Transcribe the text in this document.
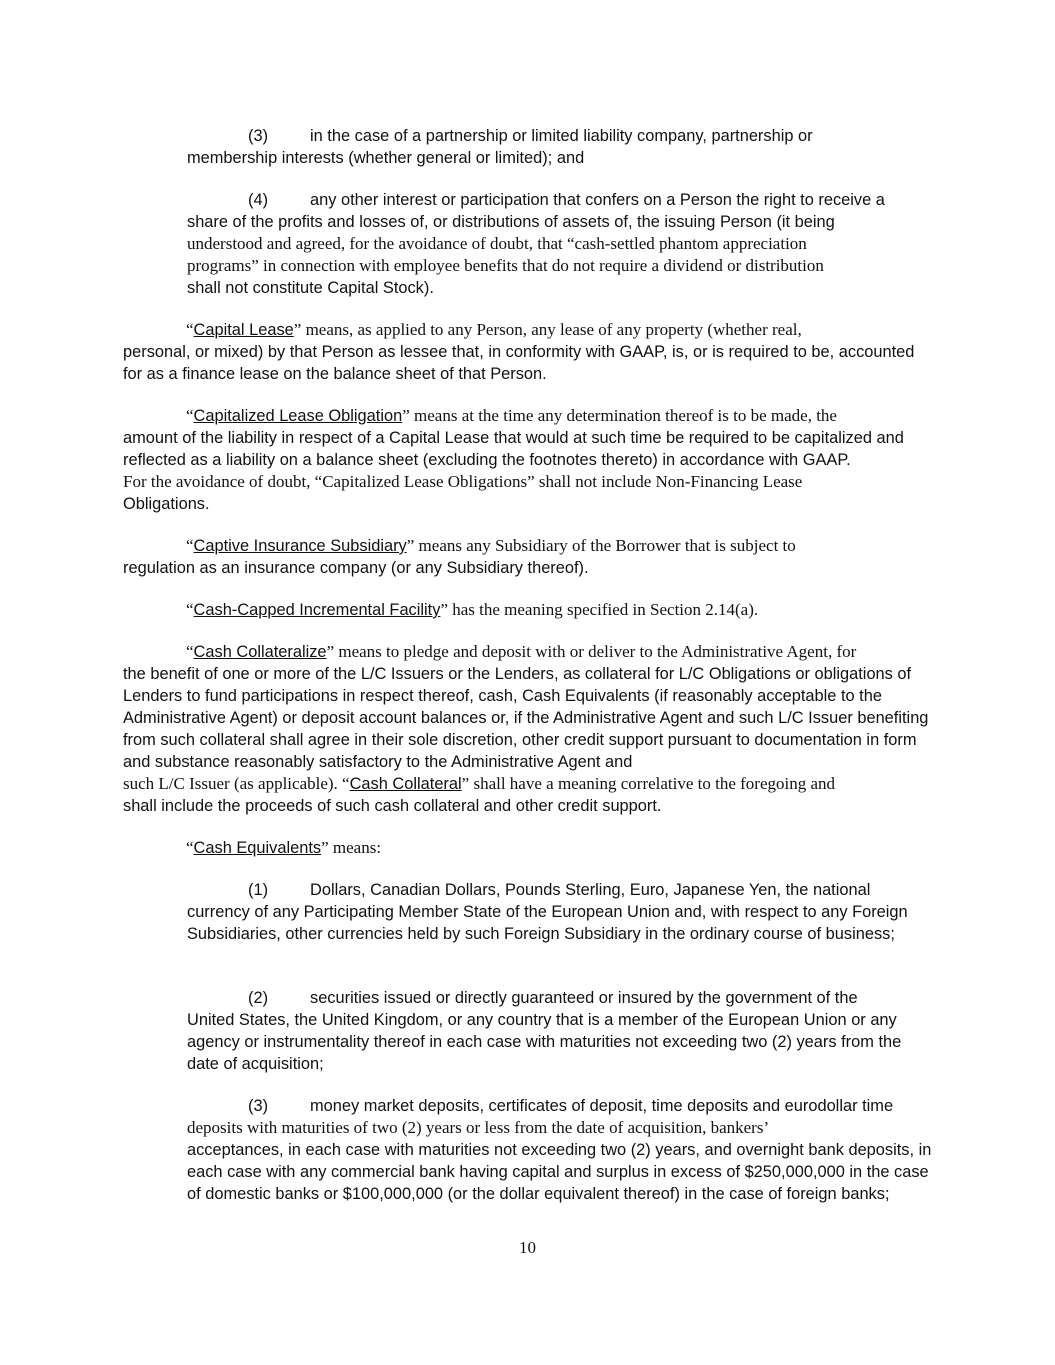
(3)	in the case of a partnership or limited liability company, partnership or
membership interests (whether general or limited); and
(4)	any other interest or participation that confers on a Person the right to receive a
share of the profits and losses of, or distributions of assets of, the issuing Person (it being
understood and agreed, for the avoidance of doubt, that “cash-settled phantom appreciation
programs” in connection with employee benefits that do not require a dividend or distribution
shall not constitute Capital Stock).
“Capital Lease” means, as applied to any Person, any lease of any property (whether real,
personal, or mixed) by that Person as lessee that, in conformity with GAAP, is, or is required to be, accounted for as a finance lease on the balance sheet of that Person.
“Capitalized Lease Obligation” means at the time any determination thereof is to be made, the
amount of the liability in respect of a Capital Lease that would at such time be required to be capitalized and reflected as a liability on a balance sheet (excluding the footnotes thereto) in accordance with GAAP.
For the avoidance of doubt, “Capitalized Lease Obligations” shall not include Non-Financing Lease
Obligations.
“Captive Insurance Subsidiary” means any Subsidiary of the Borrower that is subject to
regulation as an insurance company (or any Subsidiary thereof).
“Cash-Capped Incremental Facility” has the meaning specified in Section 2.14(a).
“Cash Collateralize” means to pledge and deposit with or deliver to the Administrative Agent, for
the benefit of one or more of the L/C Issuers or the Lenders, as collateral for L/C Obligations or obligations of Lenders to fund participations in respect thereof, cash, Cash Equivalents (if reasonably acceptable to the Administrative Agent) or deposit account balances or, if the Administrative Agent and such L/C Issuer benefiting from such collateral shall agree in their sole discretion, other credit support pursuant to documentation in form and substance reasonably satisfactory to the Administrative Agent and
such L/C Issuer (as applicable). “Cash Collateral” shall have a meaning correlative to the foregoing and
shall include the proceeds of such cash collateral and other credit support.
“Cash Equivalents” means:
(1)	Dollars, Canadian Dollars, Pounds Sterling, Euro, Japanese Yen, the national
currency of any Participating Member State of the European Union and, with respect to any Foreign Subsidiaries, other currencies held by such Foreign Subsidiary in the ordinary course of business;
(2)	securities issued or directly guaranteed or insured by the government of the
United States, the United Kingdom, or any country that is a member of the European Union or any agency or instrumentality thereof in each case with maturities not exceeding two (2) years from the date of acquisition;
(3)	money market deposits, certificates of deposit, time deposits and eurodollar time
deposits with maturities of two (2) years or less from the date of acquisition, bankers’
acceptances, in each case with maturities not exceeding two (2) years, and overnight bank deposits, in each case with any commercial bank having capital and surplus in excess of $250,000,000 in the case of domestic banks or $100,000,000 (or the dollar equivalent thereof) in the case of foreign banks;
10
